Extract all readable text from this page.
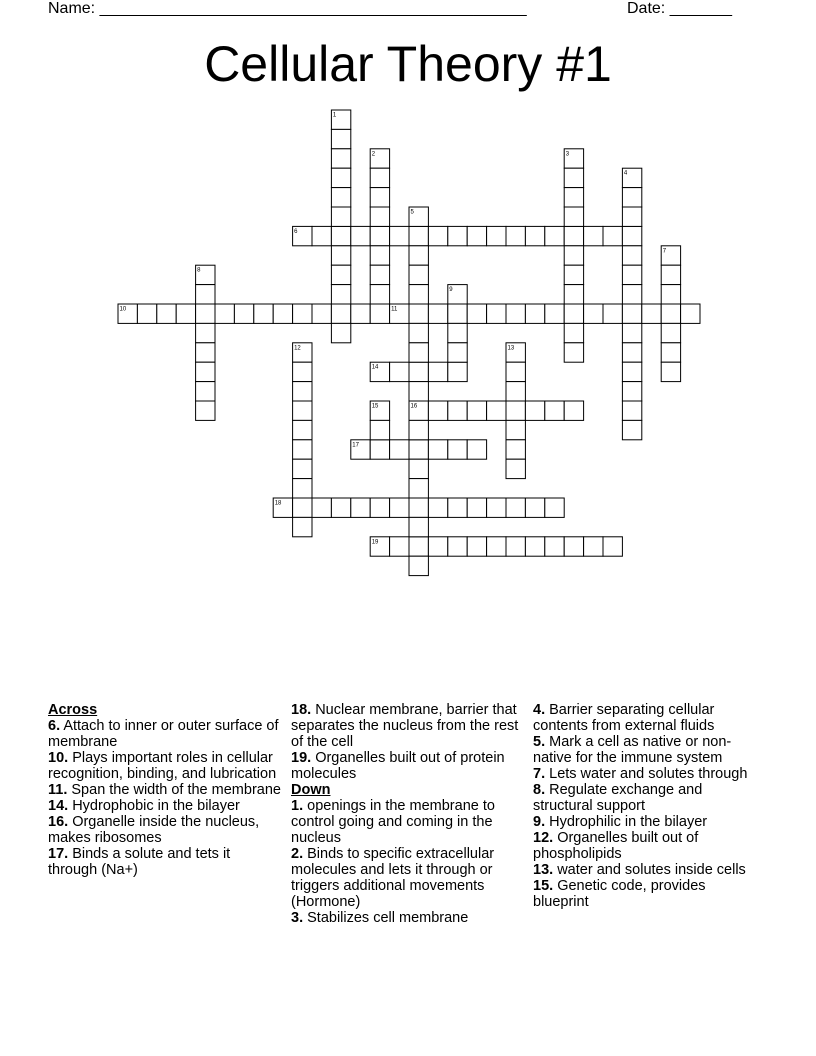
Name: ________________________________________________	Date: _______
Cellular Theory #1
6
10	11
14
16
17
18
19
1
2	3
4
5
7
8
9
12	13
15
Across
6. Attach to inner or outer surface of membrane
10. Plays important roles in cellular recognition, binding, and lubrication
11. Span the width of the membrane
14. Hydrophobic in the bilayer
16. Organelle inside the nucleus, makes ribosomes
17. Binds a solute and tets it through (Na+)
18. Nuclear membrane, barrier that separates the nucleus from the rest of the cell
19. Organelles built out of protein molecules
Down
1. openings in the membrane to control going and coming in the nucleus
2. Binds to specific extracellular molecules and lets it through or triggers additional movements (Hormone)
3. Stabilizes cell membrane
4. Barrier separating cellular contents from external fluids
5. Mark a cell as native or non-native for the immune system
7. Lets water and solutes through
8. Regulate exchange and structural support
9. Hydrophilic in the bilayer
12. Organelles built out of phospholipids
13. water and solutes inside cells
15. Genetic code, provides blueprint
